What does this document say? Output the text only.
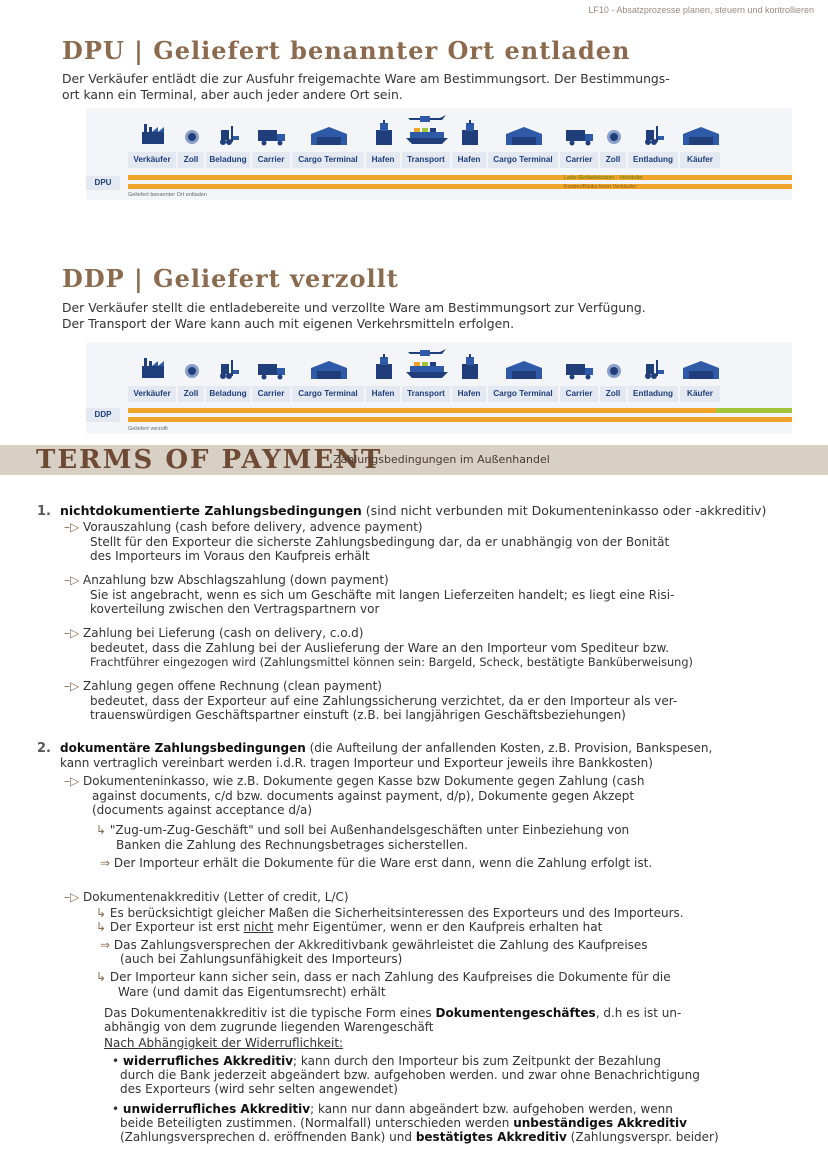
LF10 - Absatzprozesse planen, steuern und kontrollieren
DPU | Geliefert benannter Ort entladen
Der Verkäufer entlädt die zur Ausfuhr freigemachte Ware am Bestimmungsort. Der Bestimmungs-
ort kann ein Terminal, aber auch jeder andere Ort sein.
Verkäufer	Zoll	Beladung	Carrier	Cargo Terminal	Hafen	Transport	Hafen	Cargo Terminal	Carrier	Zoll	Entladung	Käufer
DPU	Lade-/Entladekosten · Verkäufer
Kosten/Risiko beim Verkäufer
Geliefert benannter Ort entladen
DDP | Geliefert verzollt
Der Verkäufer stellt die entladebereite und verzollte Ware am Bestimmungsort zur Verfügung.
Der Transport der Ware kann auch mit eigenen Verkehrsmitteln erfolgen.
Verkäufer	Zoll	Beladung	Carrier	Cargo Terminal	Hafen	Transport	Hafen	Cargo Terminal	Carrier	Zoll	Entladung	Käufer
DDP
Geliefert verzollt
TERMS OF PAYMENT
Zahlungsbedingungen im Außenhandel
1. nichtdokumentierte Zahlungsbedingungen (sind nicht verbunden mit Dokumenteninkasso oder -akkreditiv)
–▷ Vorauszahlung (cash before delivery, advence payment)
Stellt für den Exporteur die sicherste Zahlungsbedingung dar, da er unabhängig von der Bonität
des Importeurs im Voraus den Kaufpreis erhält
–▷ Anzahlung bzw Abschlagszahlung (down payment)
Sie ist angebracht, wenn es sich um Geschäfte mit langen Lieferzeiten handelt; es liegt eine Risi-
koverteilung zwischen den Vertragspartnern vor
–▷ Zahlung bei Lieferung (cash on delivery, c.o.d)
bedeutet, dass die Zahlung bei der Auslieferung der Ware an den Importeur vom Spediteur bzw.
Frachtführer eingezogen wird (Zahlungsmittel können sein: Bargeld, Scheck, bestätigte Banküberweisung)
–▷ Zahlung gegen offene Rechnung (clean payment)
bedeutet, dass der Exporteur auf eine Zahlungssicherung verzichtet, da er den Importeur als ver-
trauenswürdigen Geschäftspartner einstuft (z.B. bei langjährigen Geschäftsbeziehungen)
2. dokumentäre Zahlungsbedingungen (die Aufteilung der anfallenden Kosten, z.B. Provision, Bankspesen,
kann vertraglich vereinbart werden i.d.R. tragen Importeur und Exporteur jeweils ihre Bankkosten)
–▷ Dokumenteninkasso, wie z.B. Dokumente gegen Kasse bzw Dokumente gegen Zahlung (cash
against documents, c/d bzw. documents against payment, d/p), Dokumente gegen Akzept
(documents against acceptance d/a)
↳ "Zug-um-Zug-Geschäft" und soll bei Außenhandelsgeschäften unter Einbeziehung von
Banken die Zahlung des Rechnungsbetrages sicherstellen.
⇒ Der Importeur erhält die Dokumente für die Ware erst dann, wenn die Zahlung erfolgt ist.
–▷ Dokumentenakkreditiv (Letter of credit, L/C)
↳ Es berücksichtigt gleicher Maßen die Sicherheitsinteressen des Exporteurs und des Importeurs.
↳ Der Exporteur ist erst nicht mehr Eigentümer, wenn er den Kaufpreis erhalten hat
⇒ Das Zahlungsversprechen der Akkreditivbank gewährleistet die Zahlung des Kaufpreises
(auch bei Zahlungsunfähigkeit des Importeurs)
↳ Der Importeur kann sicher sein, dass er nach Zahlung des Kaufpreises die Dokumente für die
Ware (und damit das Eigentumsrecht) erhält
Das Dokumentenakkreditiv ist die typische Form eines Dokumentengeschäftes, d.h es ist un-
abhängig von dem zugrunde liegenden Warengeschäft
Nach Abhängigkeit der Widerruflichkeit:
• widerrufliches Akkreditiv; kann durch den Importeur bis zum Zeitpunkt der Bezahlung
durch die Bank jederzeit abgeändert bzw. aufgehoben werden. und zwar ohne Benachrichtigung
des Exporteurs (wird sehr selten angewendet)
• unwiderrufliches Akkreditiv; kann nur dann abgeändert bzw. aufgehoben werden, wenn
beide Beteiligten zustimmen. (Normalfall) unterschieden werden unbeständiges Akkreditiv
(Zahlungsversprechen d. eröffnenden Bank) und bestätigtes Akkreditiv (Zahlungsverspr. beider)
